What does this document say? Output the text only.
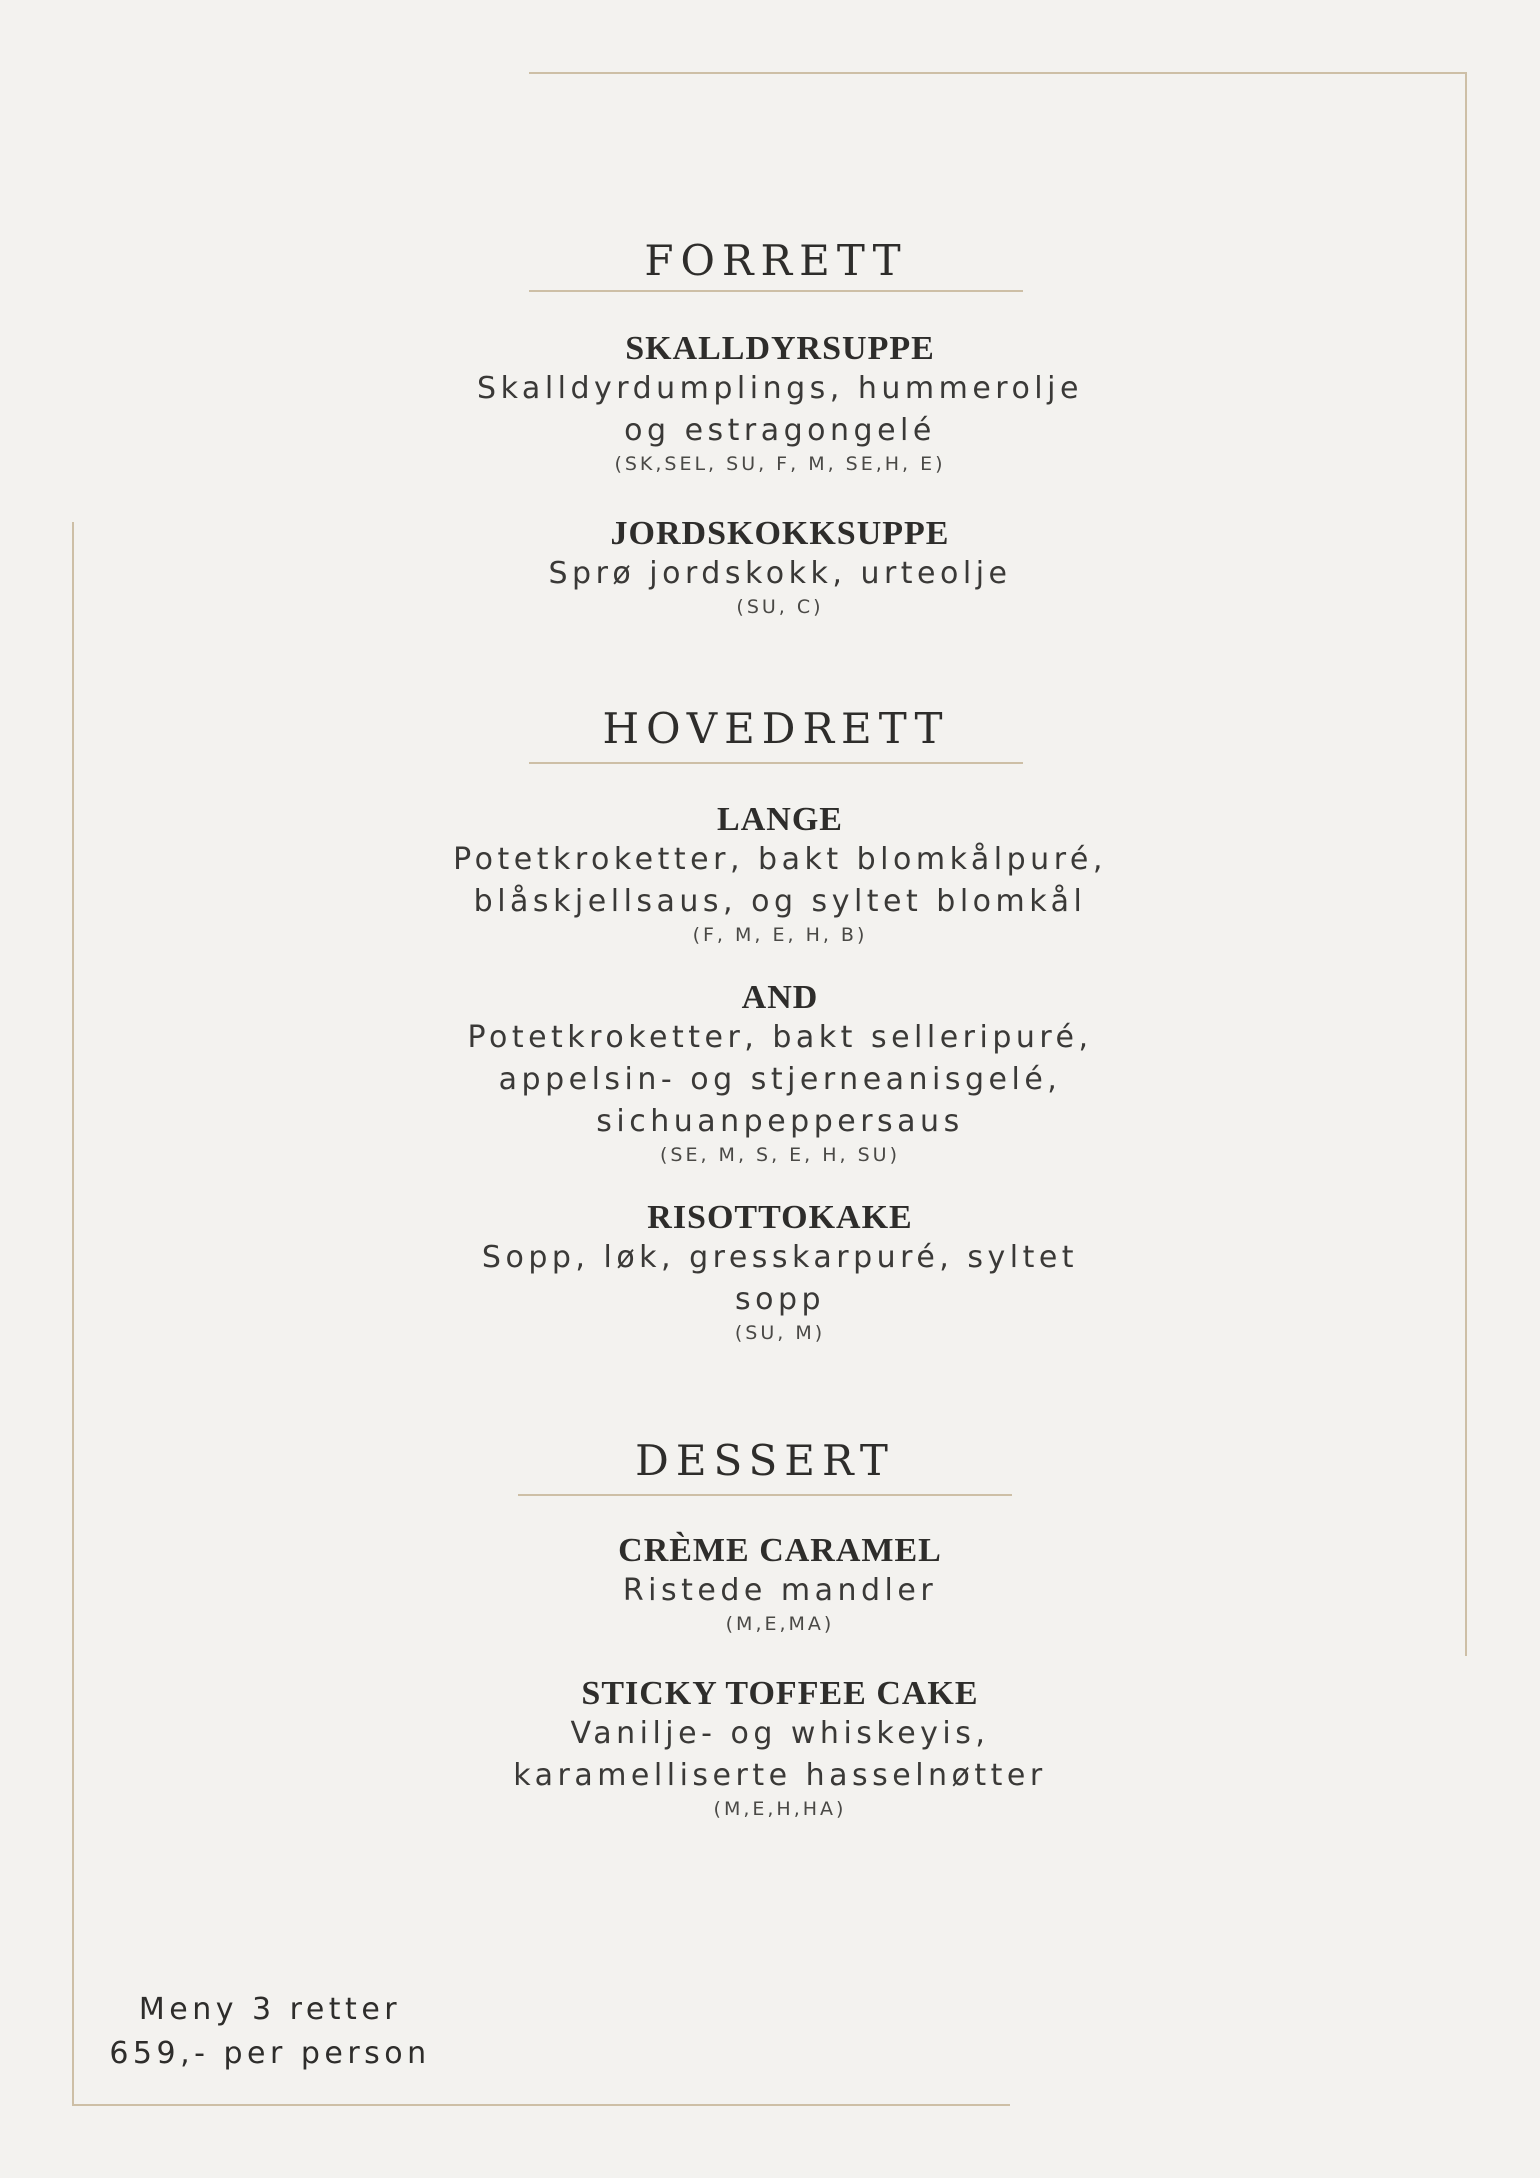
FORRETT
SKALLDYRSUPPE
Skalldyrdumplings, hummerolje
og estragongelé
(SK,SEL, SU, F, M, SE,H, E)
JORDSKOKKSUPPE
Sprø jordskokk, urteolje
(SU, C)
HOVEDRETT
LANGE
Potetkroketter, bakt blomkålpuré,
blåskjellsaus, og syltet blomkål
(F, M, E, H, B)
AND
Potetkroketter, bakt selleripuré,
appelsin- og stjerneanisgelé,
sichuanpeppersaus
(SE, M, S, E, H, SU)
RISOTTOKAKE
Sopp, løk, gresskarpuré, syltet
sopp
(SU, M)
DESSERT
CRÈME CARAMEL
Ristede mandler
(M,E,MA)
STICKY TOFFEE CAKE
Vanilje- og whiskeyis,
karamelliserte hasselnøtter
(M,E,H,HA)
Meny 3 retter
659,- per person
